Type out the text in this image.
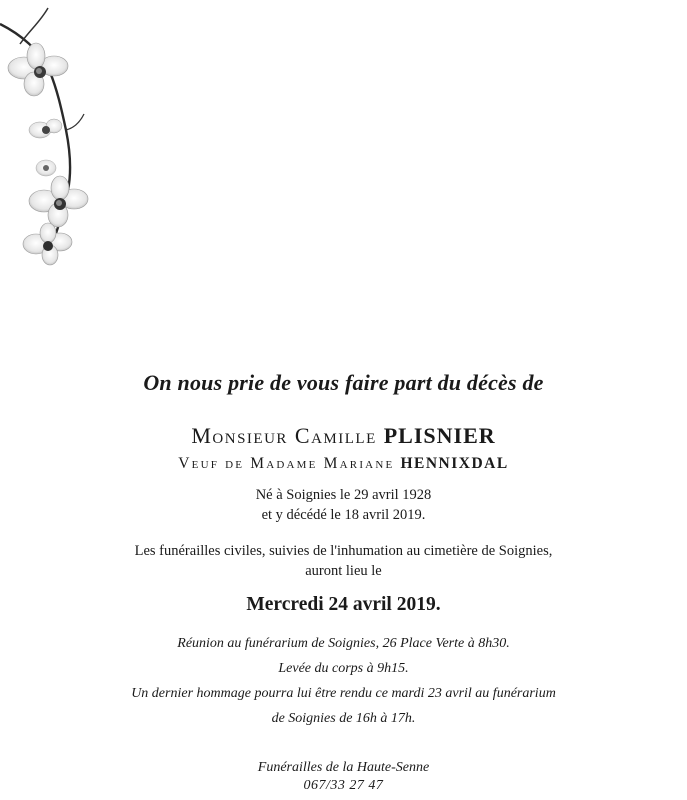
On nous prie de vous faire part du décès de
Monsieur Camille PLISNIER
Veuf de Madame Mariane HENNIXDAL
Né à Soignies le 29 avril 1928
et y décédé le 18 avril 2019.
Les funérailles civiles, suivies de l'inhumation au cimetière de Soignies,
auront lieu le
Mercredi 24 avril 2019.
Réunion au funérarium de Soignies, 26 Place Verte à 8h30.
Levée du corps à 9h15.
Un dernier hommage pourra lui être rendu ce mardi 23 avril au funérarium
de Soignies de 16h à 17h.
Funérailles de la Haute-Senne
067/33 27 47
